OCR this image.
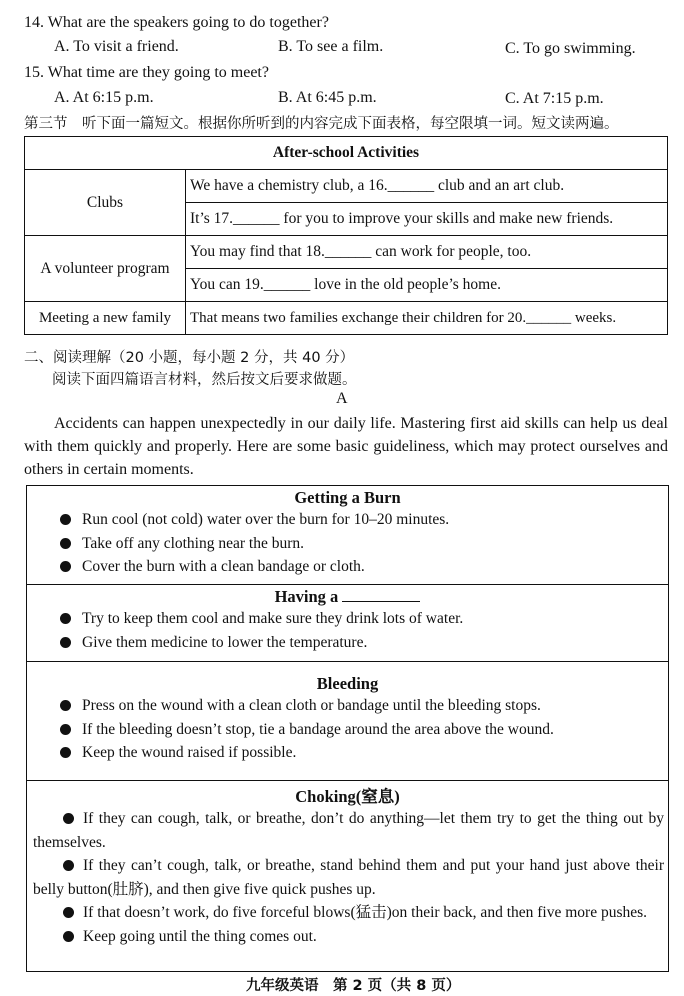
14. What are the speakers going to do together?
A. To visit a friend.	B. To see a film.	C. To go swimming.
15. What time are they going to meet?
A. At 6:15 p.m.	B. At 6:45 p.m.	C. At 7:15 p.m.
第三节　听下面一篇短文。根据你所听到的内容完成下面表格，每空限填一词。短文读两遍。
After-school Activities	
Clubs	We have a chemistry club, a 16.______ club and an art club.
	It’s 17.______ for you to improve your skills and make new friends.
A volunteer program	You may find that 18.______ can work for people, too.
	You can 19.______ love in the old people’s home.
Meeting a new family	That means two families exchange their children for 20.______ weeks.
二、阅读理解（20 小题，每小题 2 分，共 40 分）
阅读下面四篇语言材料，然后按文后要求做题。
A
Accidents can happen unexpectedly in our daily life. Mastering first aid skills can help us deal with them quickly and properly. Here are some basic guideliness, which may protect ourselves and others in certain moments.
Getting a Burn
Run cool (not cold) water over the burn for 10–20 minutes.
Take off any clothing near the burn.
Cover the burn with a clean bandage or cloth.
Having a
Try to keep them cool and make sure they drink lots of water.
Give them medicine to lower the temperature.
Bleeding
Press on the wound with a clean cloth or bandage until the bleeding stops.
If the bleeding doesn’t stop, tie a bandage around the area above the wound.
Keep the wound raised if possible.
Choking(窒息)
If they can cough, talk, or breathe, don’t do anything—let them try to get the thing out by themselves.
If they can’t cough, talk, or breathe, stand behind them and put your hand just above their belly button(肚脐), and then give five quick pushes up.
If that doesn’t work, do five forceful blows(猛击)on their back, and then five more pushes.
Keep going until the thing comes out.
九年级英语　第 2 页（共 8 页）
